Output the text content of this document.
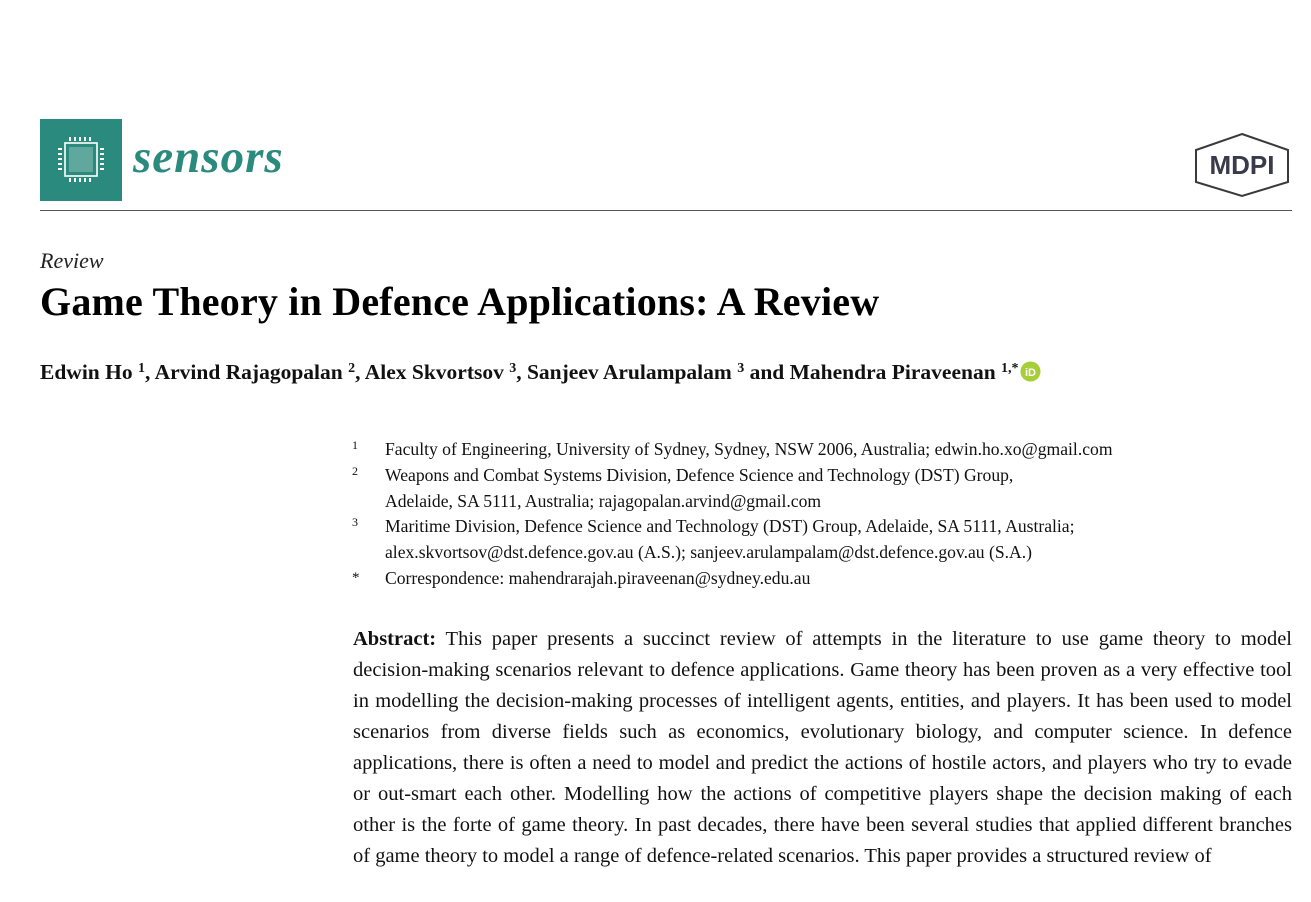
sensors	MDPI
Review
Game Theory in Defence Applications: A Review
Edwin Ho $^1$, Arvind Rajagopalan $^2$, Alex Skvortsov $^3$, Sanjeev Arulampalam $^3$ and Mahendra Piraveenan $^{1,*}$ iD
1 Faculty of Engineering, University of Sydney, Sydney, NSW 2006, Australia; edwin.ho.xo@gmail.com
2 Weapons and Combat Systems Division, Defence Science and Technology (DST) Group,
Adelaide, SA 5111, Australia; rajagopalan.arvind@gmail.com
3 Maritime Division, Defence Science and Technology (DST) Group, Adelaide, SA 5111, Australia;
alex.skvortsov@dst.defence.gov.au (A.S.); sanjeev.arulampalam@dst.defence.gov.au (S.A.)
* Correspondence: mahendrarajah.piraveenan@sydney.edu.au
Abstract: This paper presents a succinct review of attempts in the literature to use game theory to model decision-making scenarios relevant to defence applications. Game theory has been proven as a very effective tool in modelling the decision-making processes of intelligent agents, entities, and players. It has been used to model scenarios from diverse fields such as economics, evolutionary biology, and computer science. In defence applications, there is often a need to model and predict the actions of hostile actors, and players who try to evade or out-smart each other. Modelling how the actions of competitive players shape the decision making of each other is the forte of game theory. In past decades, there have been several studies that applied different branches of game theory to model a range of defence-related scenarios. This paper provides a structured review of
